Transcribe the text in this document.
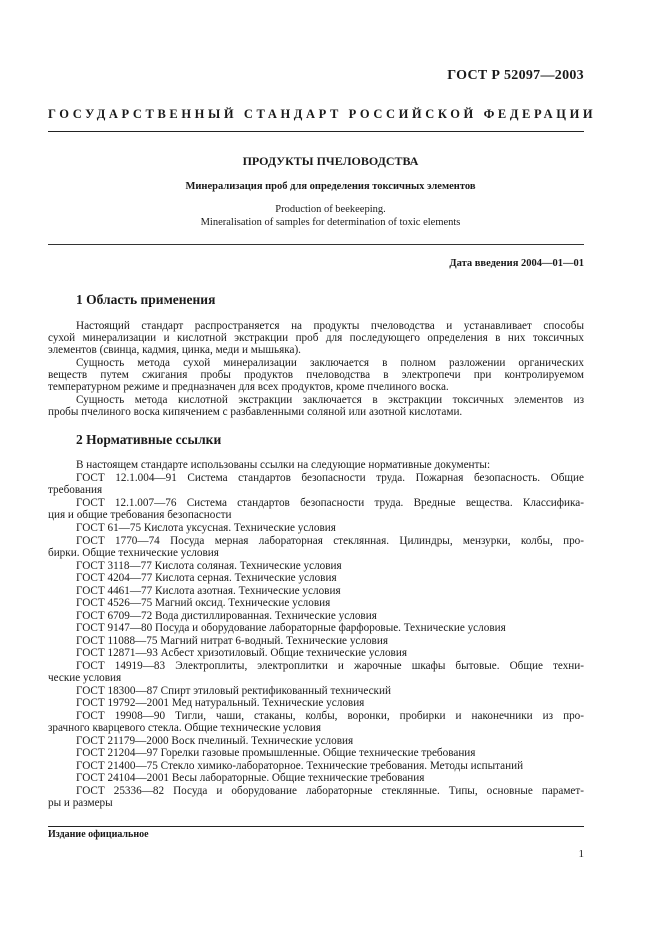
ГОСТ Р 52097—2003
ГОСУДАРСТВЕННЫЙ СТАНДАРТ РОССИЙСКОЙ ФЕДЕРАЦИИ
ПРОДУКТЫ ПЧЕЛОВОДСТВА
Минерализация проб для определения токсичных элементов
Production of beekeeping.
Mineralisation of samples for determination of toxic elements
Дата введения 2004—01—01
1 Область применения
Настоящий стандарт распространяется на продукты пчеловодства и устанавливает способы
сухой минерализации и кислотной экстракции проб для последующего определения в них токсичных
элементов (свинца, кадмия, цинка, меди и мышьяка).
Сущность метода сухой минерализации заключается в полном разложении органических
веществ путем сжигания пробы продуктов пчеловодства в электропечи при контролируемом
температурном режиме и предназначен для всех продуктов, кроме пчелиного воска.
Сущность метода кислотной экстракции заключается в экстракции токсичных элементов из
пробы пчелиного воска кипячением с разбавленными соляной или азотной кислотами.
2 Нормативные ссылки
В настоящем стандарте использованы ссылки на следующие нормативные документы:
ГОСТ 12.1.004—91 Система стандартов безопасности труда. Пожарная безопасность. Общие
требования
ГОСТ 12.1.007—76 Система стандартов безопасности труда. Вредные вещества. Классифика-
ция и общие требования безопасности
ГОСТ 61—75 Кислота уксусная. Технические условия
ГОСТ 1770—74 Посуда мерная лабораторная стеклянная. Цилиндры, мензурки, колбы, про-
бирки. Общие технические условия
ГОСТ 3118—77 Кислота соляная. Технические условия
ГОСТ 4204—77 Кислота серная. Технические условия
ГОСТ 4461—77 Кислота азотная. Технические условия
ГОСТ 4526—75 Магний оксид. Технические условия
ГОСТ 6709—72 Вода дистиллированная. Технические условия
ГОСТ 9147—80 Посуда и оборудование лабораторные фарфоровые. Технические условия
ГОСТ 11088—75 Магний нитрат 6-водный. Технические условия
ГОСТ 12871—93 Асбест хризотиловый. Общие технические условия
ГОСТ 14919—83 Электроплиты, электроплитки и жарочные шкафы бытовые. Общие техни-
ческие условия
ГОСТ 18300—87 Спирт этиловый ректификованный технический
ГОСТ 19792—2001 Мед натуральный. Технические условия
ГОСТ 19908—90 Тигли, чаши, стаканы, колбы, воронки, пробирки и наконечники из про-
зрачного кварцевого стекла. Общие технические условия
ГОСТ 21179—2000 Воск пчелиный. Технические условия
ГОСТ 21204—97 Горелки газовые промышленные. Общие технические требования
ГОСТ 21400—75 Стекло химико-лабораторное. Технические требования. Методы испытаний
ГОСТ 24104—2001 Весы лабораторные. Общие технические требования
ГОСТ 25336—82 Посуда и оборудование лабораторные стеклянные. Типы, основные парамет-
ры и размеры
Издание официальное
1
